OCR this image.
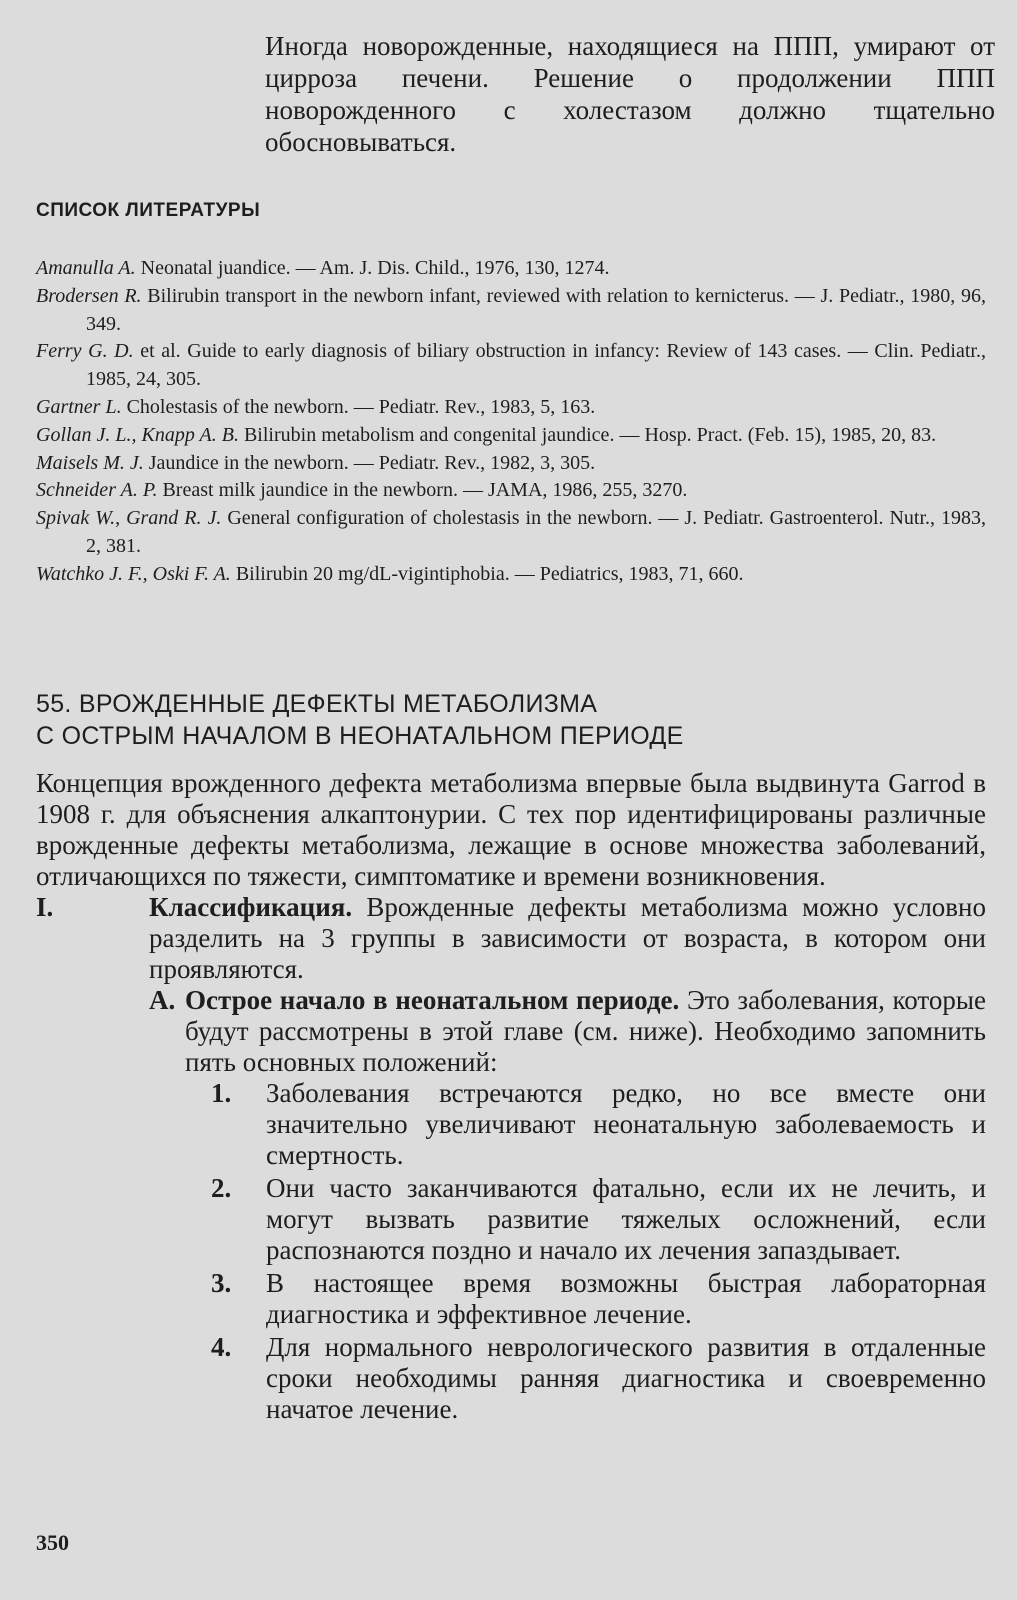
Иногда новорожденные, находящиеся на ППП, умирают от цирроза печени. Решение о продолжении ППП новорожденного с холестазом должно тщательно обосновываться.

СПИСОК ЛИТЕРАТУРЫ
Amanulla A. Neonatal juandice. — Am. J. Dis. Child., 1976, 130, 1274.
Brodersen R. Bilirubin transport in the newborn infant, reviewed with relation to kernicterus. — J. Pediatr., 1980, 96, 349.
Ferry G. D. et al. Guide to early diagnosis of biliary obstruction in infancy: Review of 143 cases. — Clin. Pediatr., 1985, 24, 305.
Gartner L. Cholestasis of the newborn. — Pediatr. Rev., 1983, 5, 163.
Gollan J. L., Knapp A. B. Bilirubin metabolism and congenital jaundice. — Hosp. Pract. (Feb. 15), 1985, 20, 83.
Maisels M. J. Jaundice in the newborn. — Pediatr. Rev., 1982, 3, 305.
Schneider A. P. Breast milk jaundice in the newborn. — JAMA, 1986, 255, 3270.
Spivak W., Grand R. J. General configuration of cholestasis in the newborn. — J. Pediatr. Gastroenterol. Nutr., 1983, 2, 381.
Watchko J. F., Oski F. A. Bilirubin 20 mg/dL-vigintiphobia. — Pediatrics, 1983, 71, 660.
55. ВРОЖДЕННЫЕ ДЕФЕКТЫ МЕТАБОЛИЗМА
С ОСТРЫМ НАЧАЛОМ В НЕОНАТАЛЬНОМ ПЕРИОДЕ

Концепция врожденного дефекта метаболизма впервые была выдвинута Garrod в 1908 г. для объяснения алкаптонурии. С тех пор идентифицированы различные врожденные дефекты метаболизма, лежащие в основе множества заболеваний, отличающихся по тяжести, симптоматике и времени возникновения.

I.	Классификация. Врожденные дефекты метаболизма можно условно разделить на 3 группы в зависимости от возраста, в котором они проявляются.
А. Острое начало в неонатальном периоде. Это заболевания, которые будут рассмотрены в этой главе (см. ниже). Необходимо запомнить пять основных положений:
1.	Заболевания встречаются редко, но все вместе они значительно увеличивают неонатальную заболеваемость и смертность.
2.	Они часто заканчиваются фатально, если их не лечить, и могут вызвать развитие тяжелых осложнений, если распознаются поздно и начало их лечения запаздывает.
3.	В настоящее время возможны быстрая лабораторная диагностика и эффективное лечение.
4.	Для нормального неврологического развития в отдаленные сроки необходимы ранняя диагностика и своевременно начатое лечение.

350
